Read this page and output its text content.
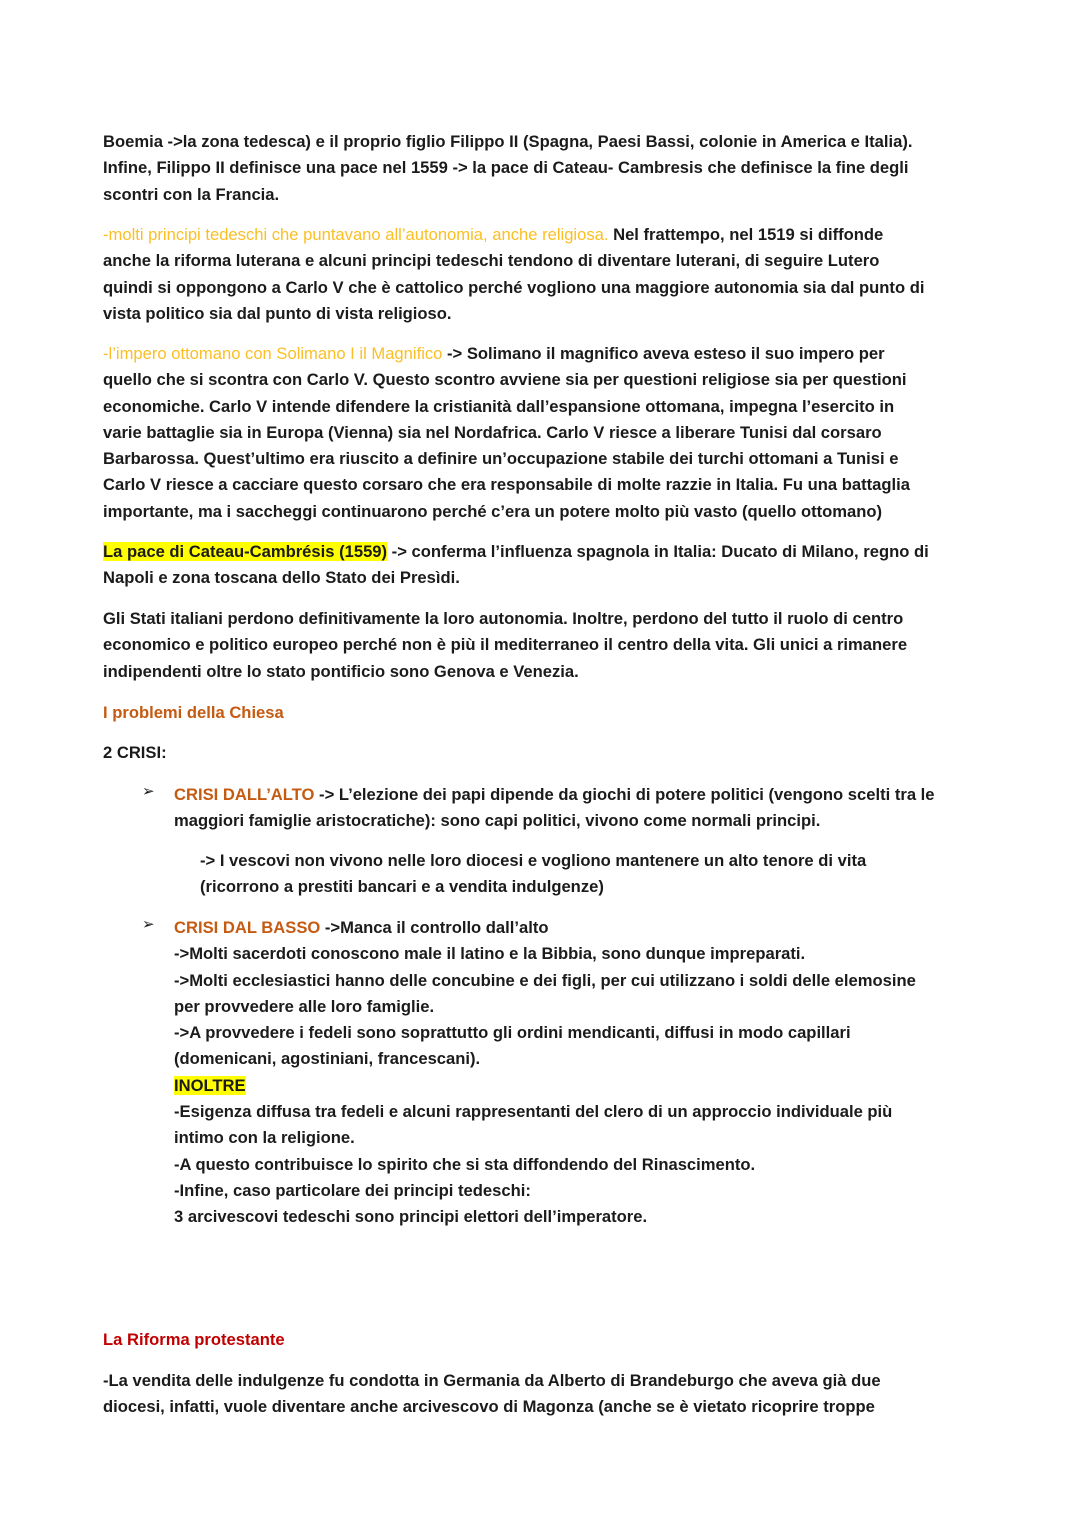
Boemia ->la zona tedesca) e il proprio figlio Filippo II (Spagna, Paesi Bassi, colonie in America e Italia).
Infine, Filippo II definisce una pace nel 1559 -> la pace di Cateau- Cambresis che definisce la fine degli
scontri con la Francia.
-molti principi tedeschi che puntavano all’autonomia, anche religiosa. Nel frattempo, nel 1519 si diffonde
anche la riforma luterana e alcuni principi tedeschi tendono di diventare luterani, di seguire Lutero
quindi si oppongono a Carlo V che è cattolico perché vogliono una maggiore autonomia sia dal punto di
vista politico sia dal punto di vista religioso.
-l’impero ottomano con Solimano I il Magnifico -> Solimano il magnifico aveva esteso il suo impero per
quello che si scontra con Carlo V. Questo scontro avviene sia per questioni religiose sia per questioni
economiche. Carlo V intende difendere la cristianità dall’espansione ottomana, impegna l’esercito in
varie battaglie sia in Europa (Vienna) sia nel Nordafrica. Carlo V riesce a liberare Tunisi dal corsaro
Barbarossa. Quest’ultimo era riuscito a definire un’occupazione stabile dei turchi ottomani a Tunisi e
Carlo V riesce a cacciare questo corsaro che era responsabile di molte razzie in Italia. Fu una battaglia
importante, ma i saccheggi continuarono perché c’era un potere molto più vasto (quello ottomano)
La pace di Cateau-Cambrésis (1559) -> conferma l’influenza spagnola in Italia: Ducato di Milano, regno di
Napoli e zona toscana dello Stato dei Presìdi.
Gli Stati italiani perdono definitivamente la loro autonomia. Inoltre, perdono del tutto il ruolo di centro
economico e politico europeo perché non è più il mediterraneo il centro della vita. Gli unici a rimanere
indipendenti oltre lo stato pontificio sono Genova e Venezia.
I problemi della Chiesa
2 CRISI:
➢ CRISI DALL’ALTO -> L’elezione dei papi dipende da giochi di potere politici (vengono scelti tra le
maggiori famiglie aristocratiche): sono capi politici, vivono come normali principi.
-> I vescovi non vivono nelle loro diocesi e vogliono mantenere un alto tenore di vita
(ricorrono a prestiti bancari e a vendita indulgenze)
➢ CRISI DAL BASSO ->Manca il controllo dall’alto
->Molti sacerdoti conoscono male il latino e la Bibbia, sono dunque impreparati.
->Molti ecclesiastici hanno delle concubine e dei figli, per cui utilizzano i soldi delle elemosine
per provvedere alle loro famiglie.
->A provvedere i fedeli sono soprattutto gli ordini mendicanti, diffusi in modo capillari
(domenicani, agostiniani, francescani).
INOLTRE
-Esigenza diffusa tra fedeli e alcuni rappresentanti del clero di un approccio individuale più
intimo con la religione.
-A questo contribuisce lo spirito che si sta diffondendo del Rinascimento.
-Infine, caso particolare dei principi tedeschi:
3 arcivescovi tedeschi sono principi elettori dell’imperatore.
La Riforma protestante
-La vendita delle indulgenze fu condotta in Germania da Alberto di Brandeburgo che aveva già due
diocesi, infatti, vuole diventare anche arcivescovo di Magonza (anche se è vietato ricoprire troppe
